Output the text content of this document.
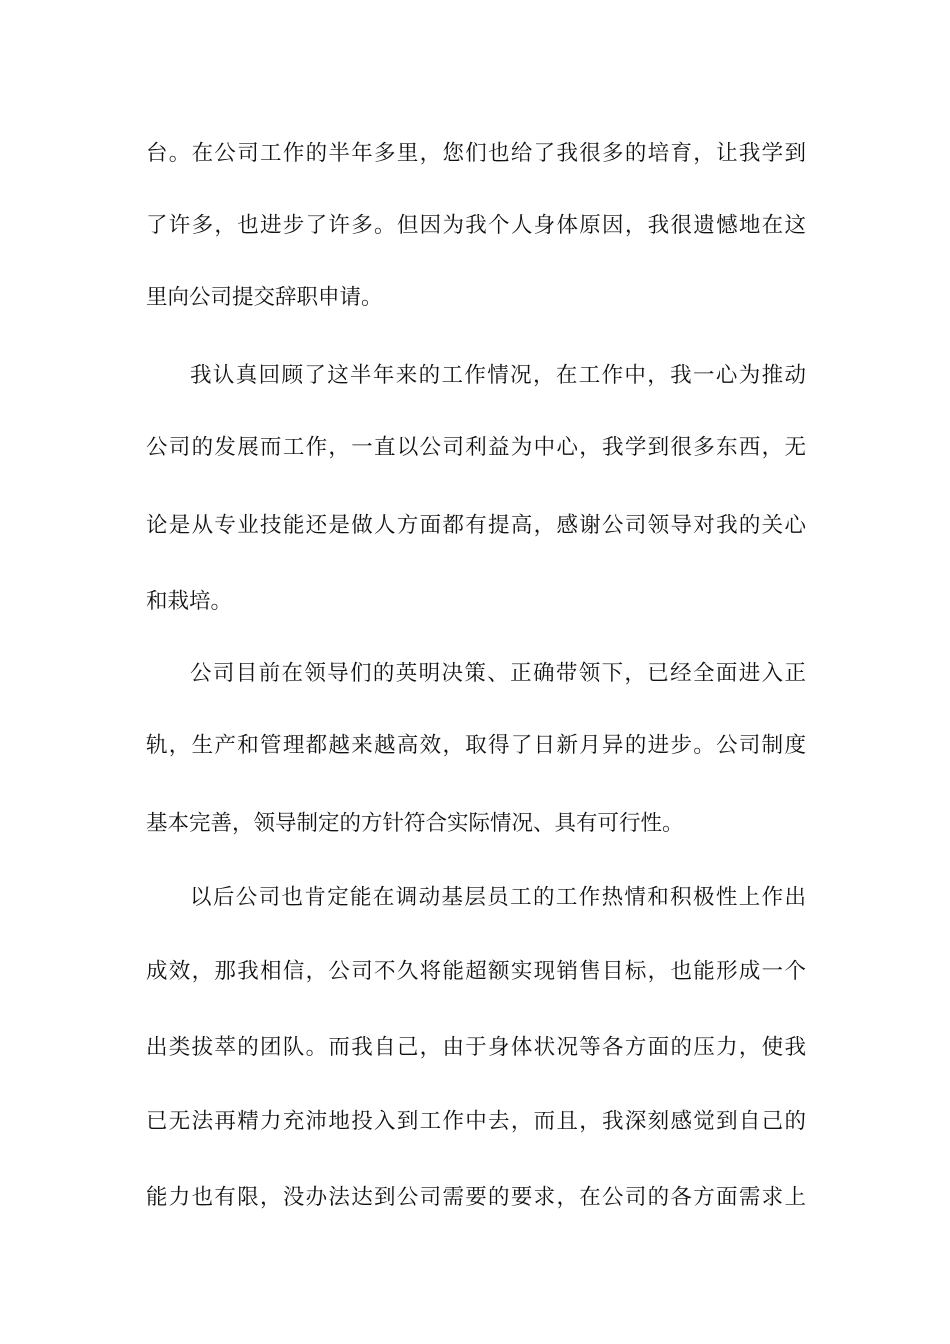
台。在公司工作的半年多里，您们也给了我很多的培育，让我学到
了许多，也进步了许多。但因为我个人身体原因，我很遗憾地在这
里向公司提交辞职申请。
我认真回顾了这半年来的工作情况，在工作中，我一心为推动
公司的发展而工作，一直以公司利益为中心，我学到很多东西，无
论是从专业技能还是做人方面都有提高，感谢公司领导对我的关心
和栽培。
公司目前在领导们的英明决策、正确带领下，已经全面进入正
轨，生产和管理都越来越高效，取得了日新月异的进步。公司制度
基本完善，领导制定的方针符合实际情况、具有可行性。
以后公司也肯定能在调动基层员工的工作热情和积极性上作出
成效，那我相信，公司不久将能超额实现销售目标，也能形成一个
出类拔萃的团队。而我自己，由于身体状况等各方面的压力，使我
已无法再精力充沛地投入到工作中去，而且，我深刻感觉到自己的
能力也有限，没办法达到公司需要的要求，在公司的各方面需求上
